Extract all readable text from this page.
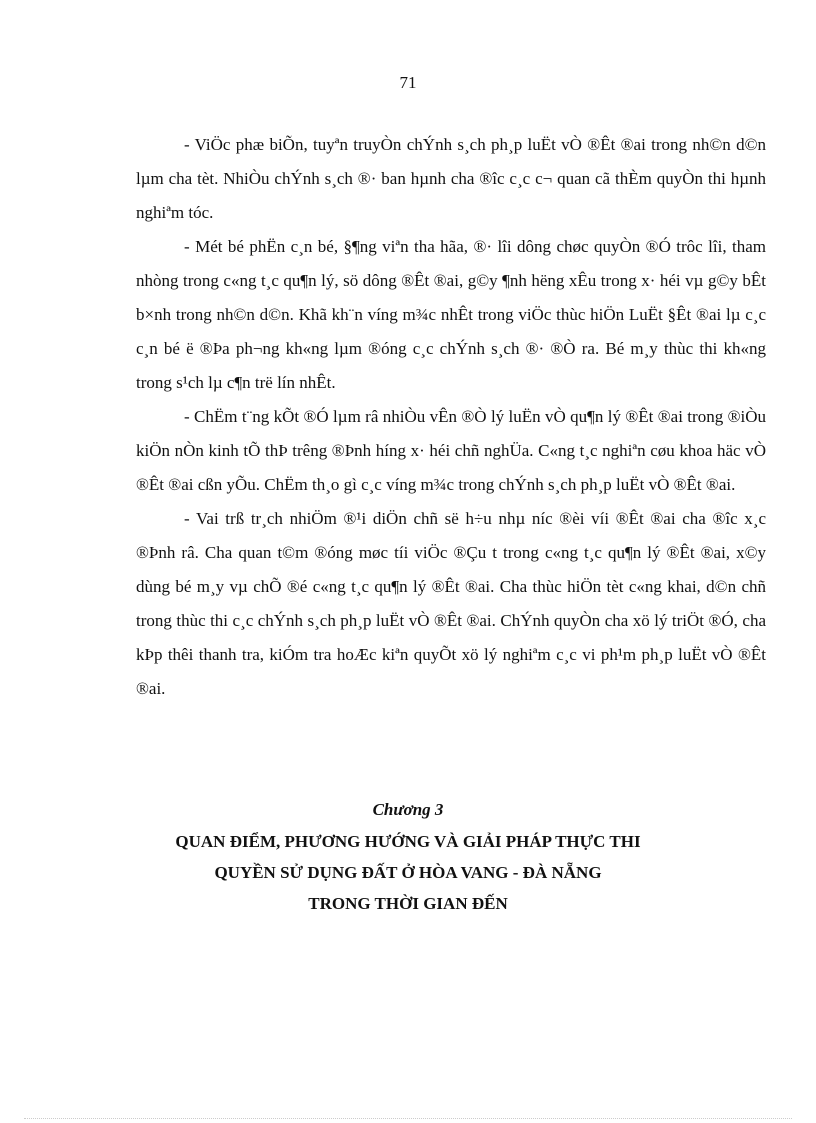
71

- ViÖc phæ biÕn, tuyªn truyÒn chÝnh s¸ch ph¸p luËt vÒ ®Êt ®ai trong nh©n d©n lµm cha tèt. NhiÒu chÝnh s¸ch ®· ban hµnh cha ®îc c¸c c¬ quan cã thÈm quyÒn thi hµnh nghiªm tóc.

- Mét bé phËn c¸n bé, §¶ng viªn tha hãa, ®· lîi dông chøc quyÒn ®Ó trôc lîi, tham nhòng trong c«ng t¸c qu¶n lý, sö dông ®Êt ®ai, g©y ¶nh hëng xÊu trong x· héi vµ g©y bÊt b×nh trong nh©n d©n. Khã kh¨n víng m¾c nhÊt trong viÖc thùc hiÖn LuËt §Êt ®ai lµ c¸c c¸n bé ë ®Þa ph¬ng kh«ng lµm ®óng c¸c chÝnh s¸ch ®· ®Ò ra. Bé m¸y thùc thi kh«ng trong s¹ch lµ c¶n trë lín nhÊt.

- ChËm t¨ng kÕt ®Ó lµm râ nhiÒu vÊn ®Ò lý luËn vÒ qu¶n lý ®Êt ®ai trong ®iÒu kiÖn nÒn kinh tÕ thÞ trêng ®Þnh híng x· héi chñ nghÜa. C«ng t¸c nghiªn cøu khoa häc vÒ ®Êt ®ai cßn yÕu. ChËm th¸o gì c¸c víng m¾c trong chÝnh s¸ch ph¸p luËt vÒ ®Êt ®ai.

- Vai trß tr¸ch nhiÖm ®¹i diÖn chñ së h÷u nhµ níc ®èi víi ®Êt ®ai cha ®îc x¸c ®Þnh râ. Cha quan t©m ®óng møc tíi viÖc ®Çu t trong c«ng t¸c qu¶n lý ®Êt ®ai, x©y dùng bé m¸y vµ chÕ ®é c«ng t¸c qu¶n lý ®Êt ®ai. Cha thùc hiÖn tèt c«ng khai, d©n chñ trong thùc thi c¸c chÝnh s¸ch ph¸p luËt vÒ ®Êt ®ai. ChÝnh quyÒn cha xö lý triÖt ®Ó, cha kÞp thêi thanh tra, kiÓm tra hoÆc kiªn quyÕt xö lý nghiªm c¸c vi ph¹m ph¸p luËt vÒ ®Êt ®ai.

Chương 3
QUAN ĐIỂM, PHƯƠNG HƯỚNG VÀ GIẢI PHÁP THỰC THI
QUYỀN SỬ DỤNG ĐẤT Ở HÒA VANG - ĐÀ NẴNG
TRONG THỜI GIAN ĐẾN
